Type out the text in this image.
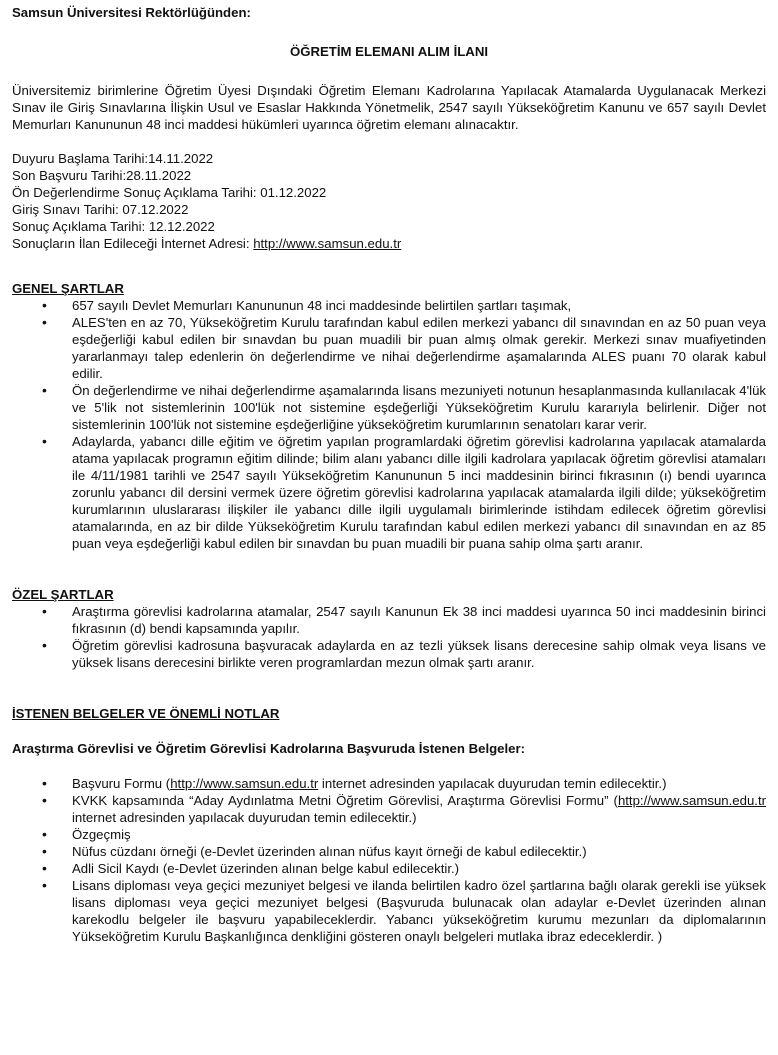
Samsun Üniversitesi Rektörlüğünden:

ÖĞRETİM ELEMANI ALIM İLANI

Üniversitemiz birimlerine Öğretim Üyesi Dışındaki Öğretim Elemanı Kadrolarına Yapılacak Atamalarda Uygulanacak Merkezi Sınav ile Giriş Sınavlarına İlişkin Usul ve Esaslar Hakkında Yönetmelik, 2547 sayılı Yükseköğretim Kanunu ve 657 sayılı Devlet Memurları Kanununun 48 inci maddesi hükümleri uyarınca öğretim elemanı alınacaktır.

Duyuru Başlama Tarihi:14.11.2022

Son Başvuru Tarihi:28.11.2022

Ön Değerlendirme Sonuç Açıklama Tarihi: 01.12.2022

Giriş Sınavı Tarihi: 07.12.2022

Sonuç Açıklama Tarihi: 12.12.2022

Sonuçların İlan Edileceği İnternet Adresi: http://www.samsun.edu.tr

GENEL ŞARTLAR

• 657 sayılı Devlet Memurları Kanununun 48 inci maddesinde belirtilen şartları taşımak,
• ALES'ten en az 70, Yükseköğretim Kurulu tarafından kabul edilen merkezi yabancı dil sınavından en az 50 puan veya eşdeğerliği kabul edilen bir sınavdan bu puan muadili bir puan almış olmak gerekir. Merkezi sınav muafiyetinden yararlanmayı talep edenlerin ön değerlendirme ve nihai değerlendirme aşamalarında ALES puanı 70 olarak kabul edilir.
• Ön değerlendirme ve nihai değerlendirme aşamalarında lisans mezuniyeti notunun hesaplanmasında kullanılacak 4'lük ve 5'lik not sistemlerinin 100'lük not sistemine eşdeğerliği Yükseköğretim Kurulu kararıyla belirlenir. Diğer not sistemlerinin 100'lük not sistemine eşdeğerliğine yükseköğretim kurumlarının senatoları karar verir.
• Adaylarda, yabancı dille eğitim ve öğretim yapılan programlardaki öğretim görevlisi kadrolarına yapılacak atamalarda atama yapılacak programın eğitim dilinde; bilim alanı yabancı dille ilgili kadrolara yapılacak öğretim görevlisi atamaları ile 4/11/1981 tarihli ve 2547 sayılı Yükseköğretim Kanununun 5 inci maddesinin birinci fıkrasının (ı) bendi uyarınca zorunlu yabancı dil dersini vermek üzere öğretim görevlisi kadrolarına yapılacak atamalarda ilgili dilde; yükseköğretim kurumlarının uluslararası ilişkiler ile yabancı dille ilgili uygulamalı birimlerinde istihdam edilecek öğretim görevlisi atamalarında, en az bir dilde Yükseköğretim Kurulu tarafından kabul edilen merkezi yabancı dil sınavından en az 85 puan veya eşdeğerliği kabul edilen bir sınavdan bu puan muadili bir puana sahip olma şartı aranır.

ÖZEL ŞARTLAR

• Araştırma görevlisi kadrolarına atamalar, 2547 sayılı Kanunun Ek 38 inci maddesi uyarınca 50 inci maddesinin birinci fıkrasının (d) bendi kapsamında yapılır.
• Öğretim görevlisi kadrosuna başvuracak adaylarda en az tezli yüksek lisans derecesine sahip olmak veya lisans ve yüksek lisans derecesini birlikte veren programlardan mezun olmak şartı aranır.

İSTENEN BELGELER VE ÖNEMLİ NOTLAR

Araştırma Görevlisi ve Öğretim Görevlisi Kadrolarına Başvuruda İstenen Belgeler:

• Başvuru Formu (http://www.samsun.edu.tr internet adresinden yapılacak duyurudan temin edilecektir.)
• KVKK kapsamında “Aday Aydınlatma Metni Öğretim Görevlisi, Araştırma Görevlisi Formu” (http://www.samsun.edu.tr internet adresinden yapılacak duyurudan temin edilecektir.)
• Özgeçmiş
• Nüfus cüzdanı örneği (e-Devlet üzerinden alınan nüfus kayıt örneği de kabul edilecektir.)
• Adli Sicil Kaydı (e-Devlet üzerinden alınan belge kabul edilecektir.)
• Lisans diploması veya geçici mezuniyet belgesi ve ilanda belirtilen kadro özel şartlarına bağlı olarak gerekli ise yüksek lisans diploması veya geçici mezuniyet belgesi (Başvuruda bulunacak olan adaylar e-Devlet üzerinden alınan karekodlu belgeler ile başvuru yapabileceklerdir. Yabancı yükseköğretim kurumu mezunları da diplomalarının Yükseköğretim Kurulu Başkanlığınca denkliğini gösteren onaylı belgeleri mutlaka ibraz edeceklerdir. )
